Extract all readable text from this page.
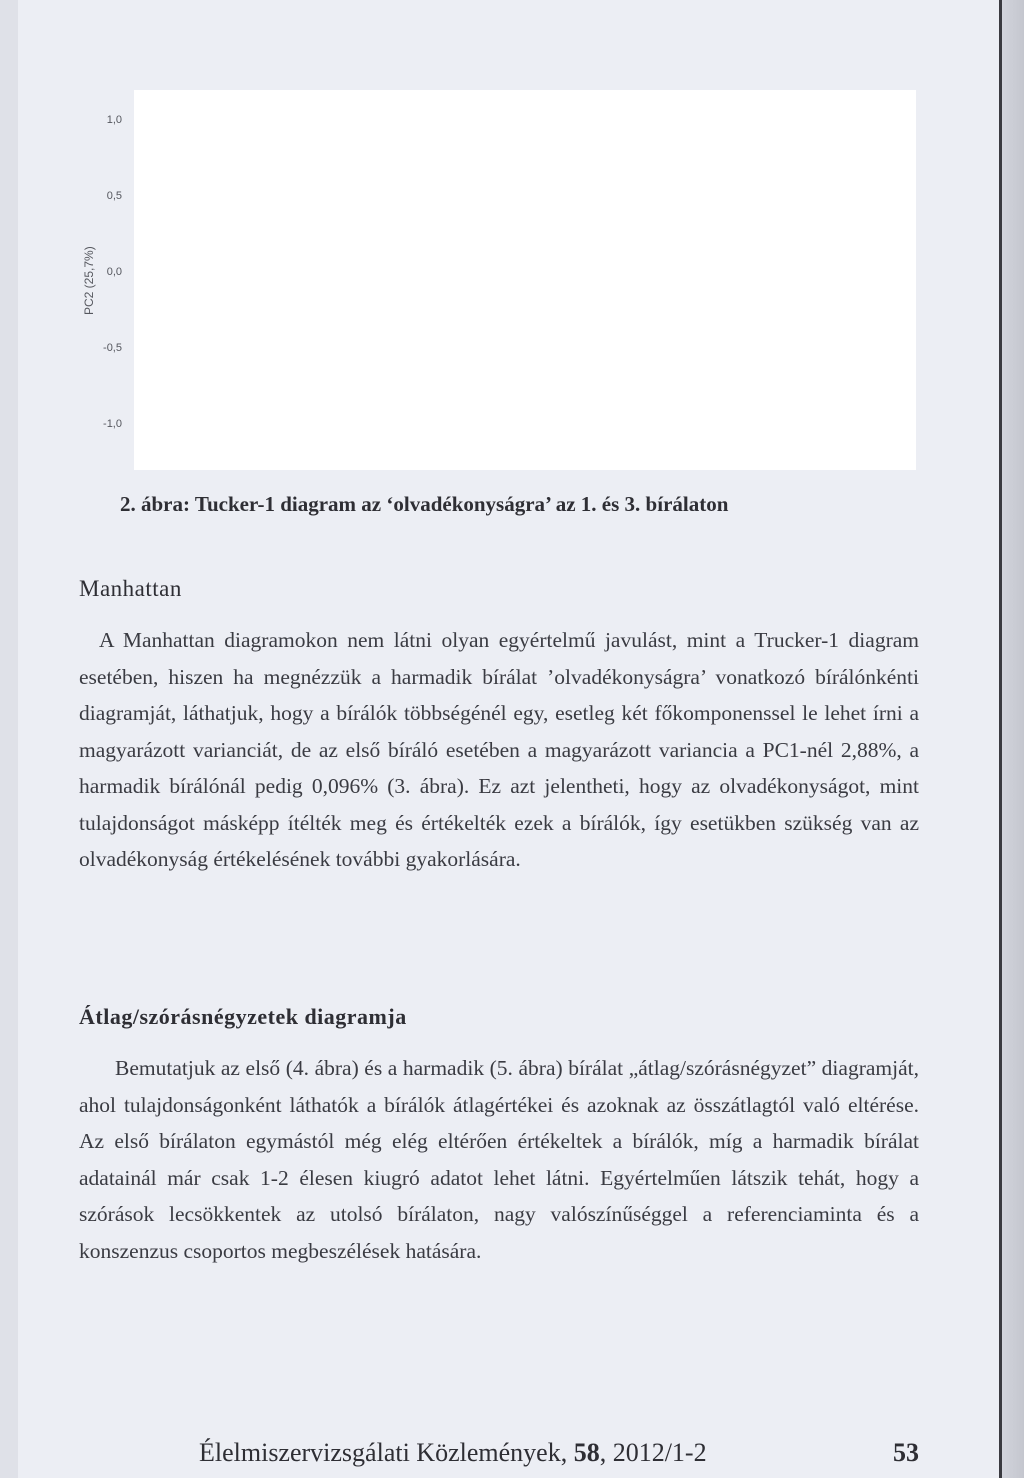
PC2 (25,7%)
1,0
0,5
0,0
-0,5
-1,0
2. ábra: Tucker-1 diagram az ‘olvadékonyságra’ az 1. és 3. bírálaton
Manhattan

A Manhattan diagramokon nem látni olyan egyértelmű javulást, mint a Trucker-1 diagram esetében, hiszen ha megnézzük a harmadik bírálat ’olvadékonyságra’ vonatkozó bírálónkénti diagramját, láthatjuk, hogy a bírálók többségénél egy, esetleg két főkomponenssel le lehet írni a magyarázott varianciát, de az első bíráló esetében a magyarázott variancia a PC1-nél 2,88%, a harmadik bírálónál pedig 0,096% (3. ábra). Ez azt jelentheti, hogy az olvadékonyságot, mint tulajdonságot másképp ítélték meg és értékelték ezek a bírálók, így esetükben szükség van az olvadékonyság értékelésének további gyakorlására.

Átlag/szórásnégyzetek diagramja

Bemutatjuk az első (4. ábra) és a harmadik (5. ábra) bírálat „átlag/szórásnégyzet” diagramját, ahol tulajdonságonként láthatók a bírálók átlagértékei és azoknak az összátlagtól való eltérése. Az első bírálaton egymástól még elég eltérően értékeltek a bírálók, míg a harmadik bírálat adatainál már csak 1-2 élesen kiugró adatot lehet látni. Egyértelműen látszik tehát, hogy a szórások lecsökkentek az utolsó bírálaton, nagy valószínűséggel a referenciaminta és a konszenzus csoportos megbeszélések hatására.

Élelmiszervizsgálati Közlemények, 58, 2012/1-2	53
